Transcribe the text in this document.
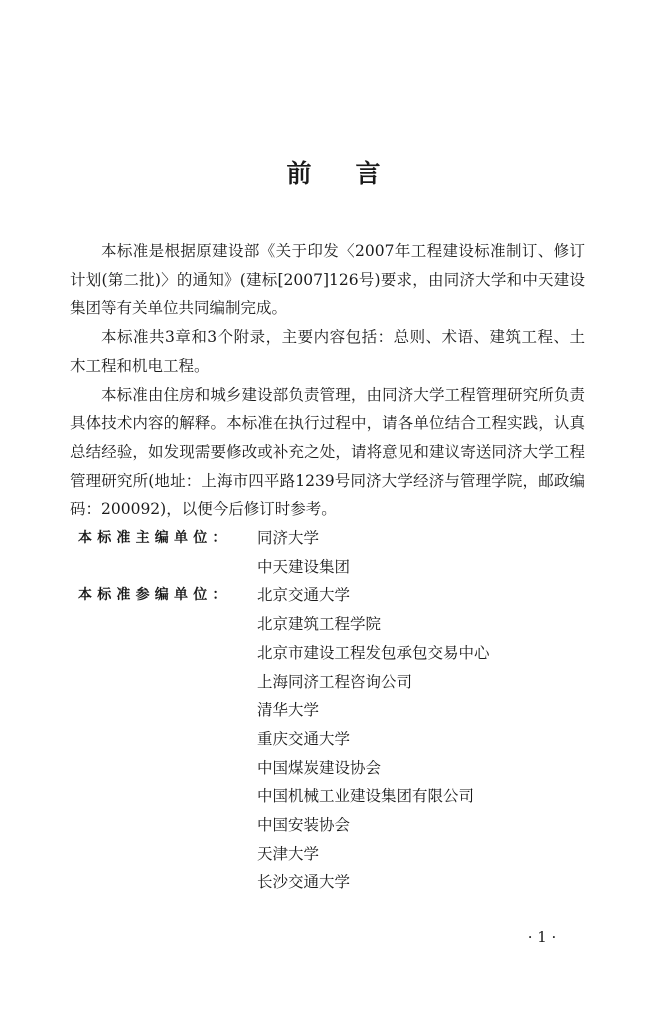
前言

本标准是根据原建设部《关于印发〈2007年工程建设标准制订、修订计划(第二批)〉的通知》(建标[2007]126号)要求，由同济大学和中天建设集团等有关单位共同编制完成。

本标准共3章和3个附录，主要内容包括：总则、术语、建筑工程、土木工程和机电工程。

本标准由住房和城乡建设部负责管理，由同济大学工程管理研究所负责具体技术内容的解释。本标准在执行过程中，请各单位结合工程实践，认真总结经验，如发现需要修改或补充之处，请将意见和建议寄送同济大学工程管理研究所(地址：上海市四平路1239号同济大学经济与管理学院，邮政编码：200092)，以便今后修订时参考。

本标准主编单位：	同济大学
中天建设集团
本标准参编单位：	北京交通大学
北京建筑工程学院
北京市建设工程发包承包交易中心
上海同济工程咨询公司
清华大学
重庆交通大学
中国煤炭建设协会
中国机械工业建设集团有限公司
中国安装协会
天津大学
长沙交通大学
· 1 ·
